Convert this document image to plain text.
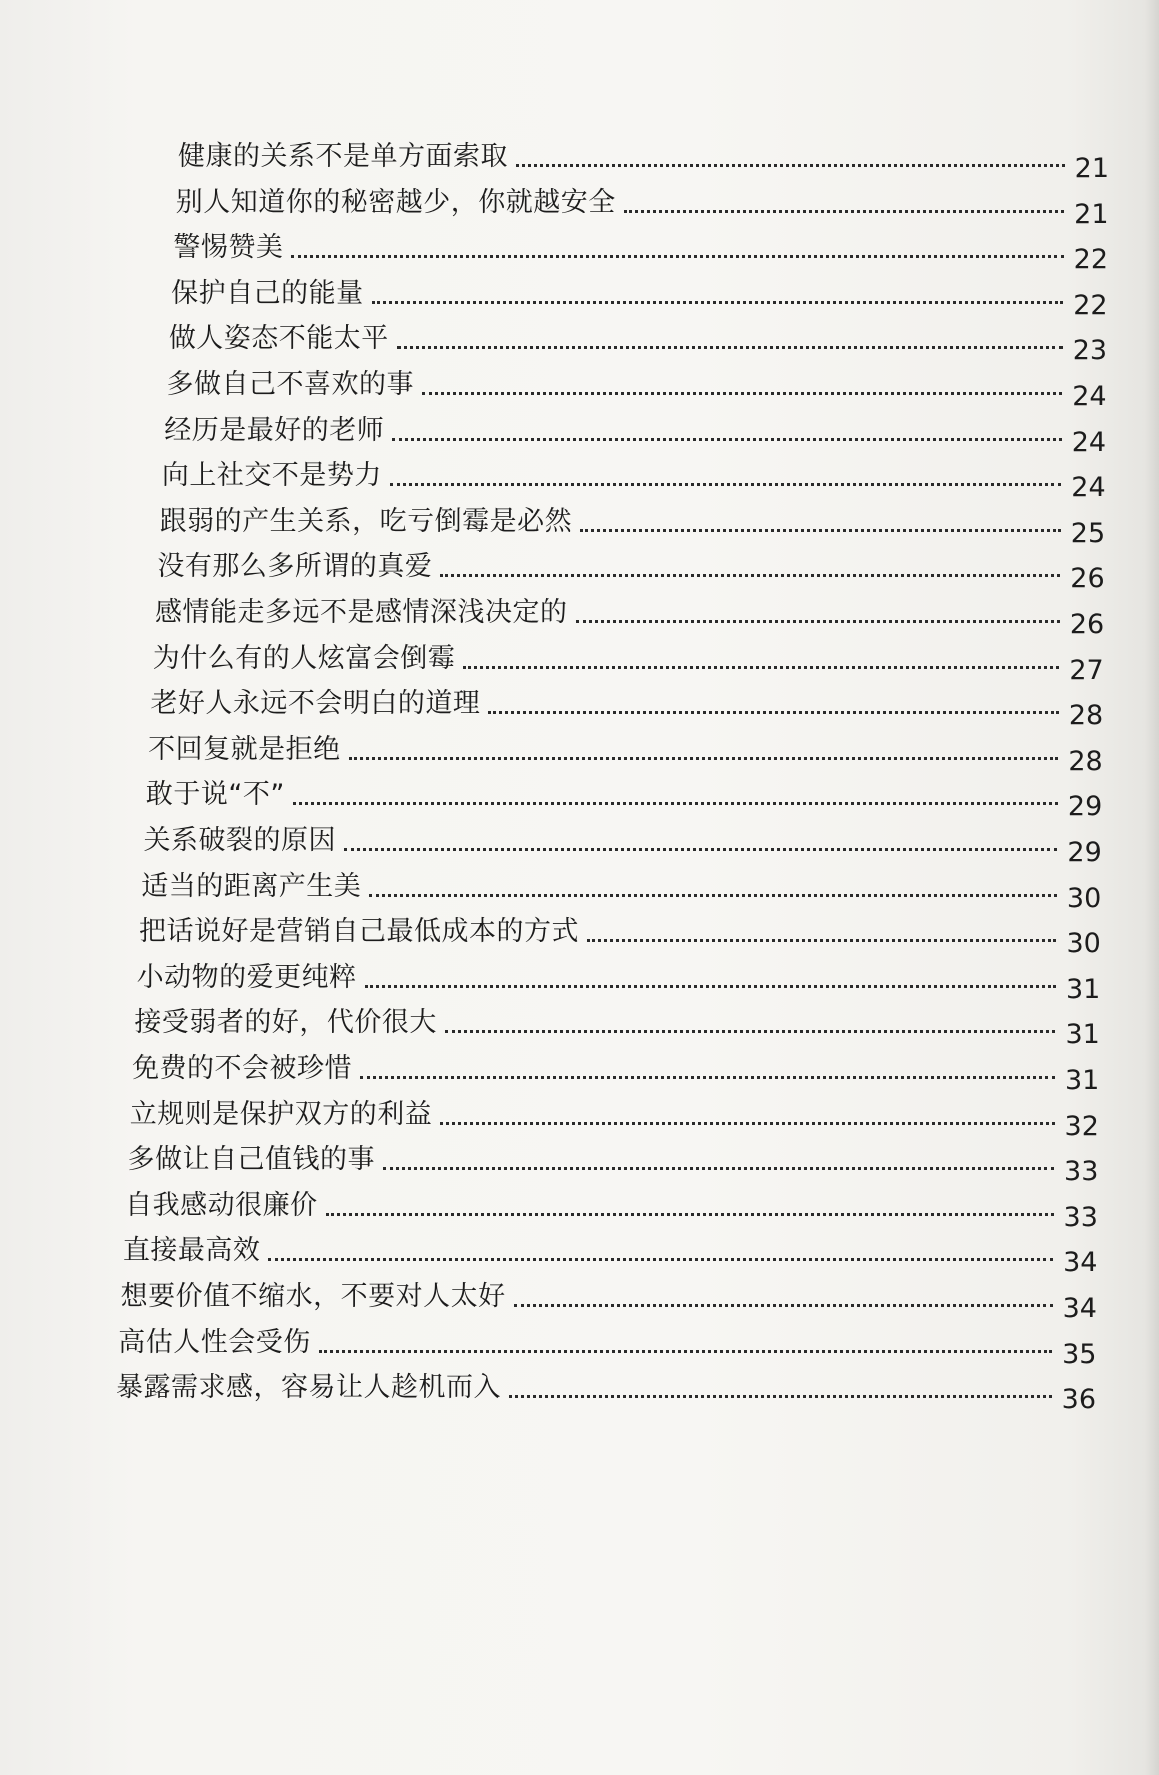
健康的关系不是单方面索取	21
别人知道你的秘密越少，你就越安全	21
警惕赞美	22
保护自己的能量	22
做人姿态不能太平	23
多做自己不喜欢的事	24
经历是最好的老师	24
向上社交不是势力	24
跟弱的产生关系，吃亏倒霉是必然	25
没有那么多所谓的真爱	26
感情能走多远不是感情深浅决定的	26
为什么有的人炫富会倒霉	27
老好人永远不会明白的道理	28
不回复就是拒绝	28
敢于说“不”	29
关系破裂的原因	29
适当的距离产生美	30
把话说好是营销自己最低成本的方式	30
小动物的爱更纯粹	31
接受弱者的好，代价很大	31
免费的不会被珍惜	31
立规则是保护双方的利益	32
多做让自己值钱的事	33
自我感动很廉价	33
直接最高效	34
想要价值不缩水，不要对人太好	34
高估人性会受伤	35
暴露需求感，容易让人趁机而入	36
